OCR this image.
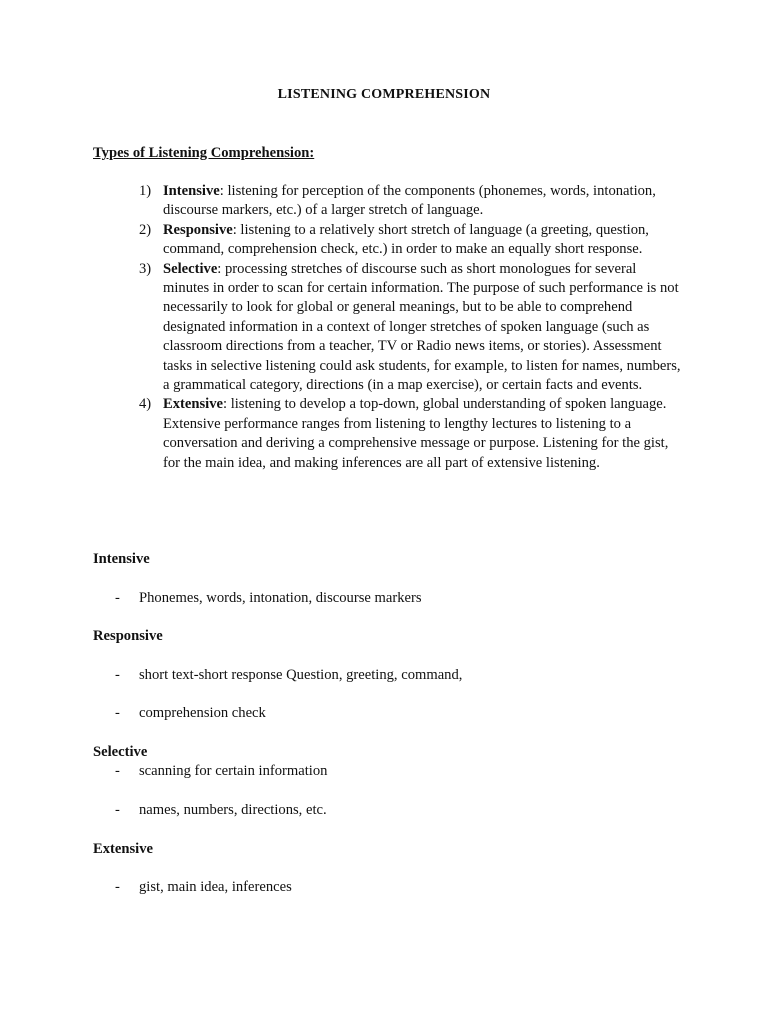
LISTENING COMPREHENSION
Types of Listening Comprehension:
1) Intensive: listening for perception of the components (phonemes, words, intonation, discourse markers, etc.) of a larger stretch of language.
2) Responsive: listening to a relatively short stretch of language (a greeting, question, command, comprehension check, etc.) in order to make an equally short response.
3) Selective: processing stretches of discourse such as short monologues for several minutes in order to scan for certain information. The purpose of such performance is not necessarily to look for global or general meanings, but to be able to comprehend designated information in a context of longer stretches of spoken language (such as classroom directions from a teacher, TV or Radio news items, or stories). Assessment tasks in selective listening could ask students, for example, to listen for names, numbers, a grammatical category, directions (in a map exercise), or certain facts and events.
4) Extensive: listening to develop a top-down, global understanding of spoken language. Extensive performance ranges from listening to lengthy lectures to listening to a conversation and deriving a comprehensive message or purpose. Listening for the gist, for the main idea, and making inferences are all part of extensive listening.
Intensive
- Phonemes, words, intonation, discourse markers
Responsive
- short text-short response Question, greeting, command,
- comprehension check
Selective
- scanning for certain information
- names, numbers, directions, etc.
Extensive
- gist, main idea, inferences
